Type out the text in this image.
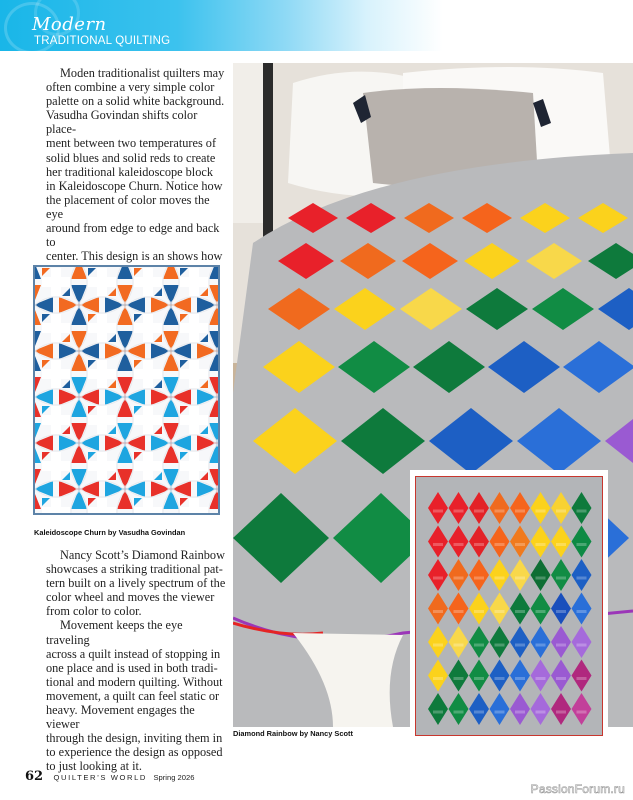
Modern
TRADITIONAL QUILTING

Moden traditionalist quilters may
often combine a very simple color
palette on a solid white background.
Vasudha Govindan shifts color place-
ment between two temperatures of
solid blues and solid reds to create
her traditional kaleidoscope block
in Kaleidoscope Churn. Notice how
the placement of color moves the eye
around from edge to edge and back to
center. This design is an shows how

Kaleidoscope Churn by Vasudha Govindan

Nancy Scott’s Diamond Rainbow
showcases a striking traditional pat-
tern built on a lively spectrum of the
color wheel and moves the viewer
from color to color.

Movement keeps the eye traveling
across a quilt instead of stopping in
one place and is used in both tradi-
tional and modern quilting. Without
movement, a quilt can feel static or
heavy. Movement engages the viewer
through the design, inviting them in
to experience the design as opposed
to just looking at it.

Diamond Rainbow by Nancy Scott
62 QUILTER’S WORLD Spring 2026
PassionForum.ru
